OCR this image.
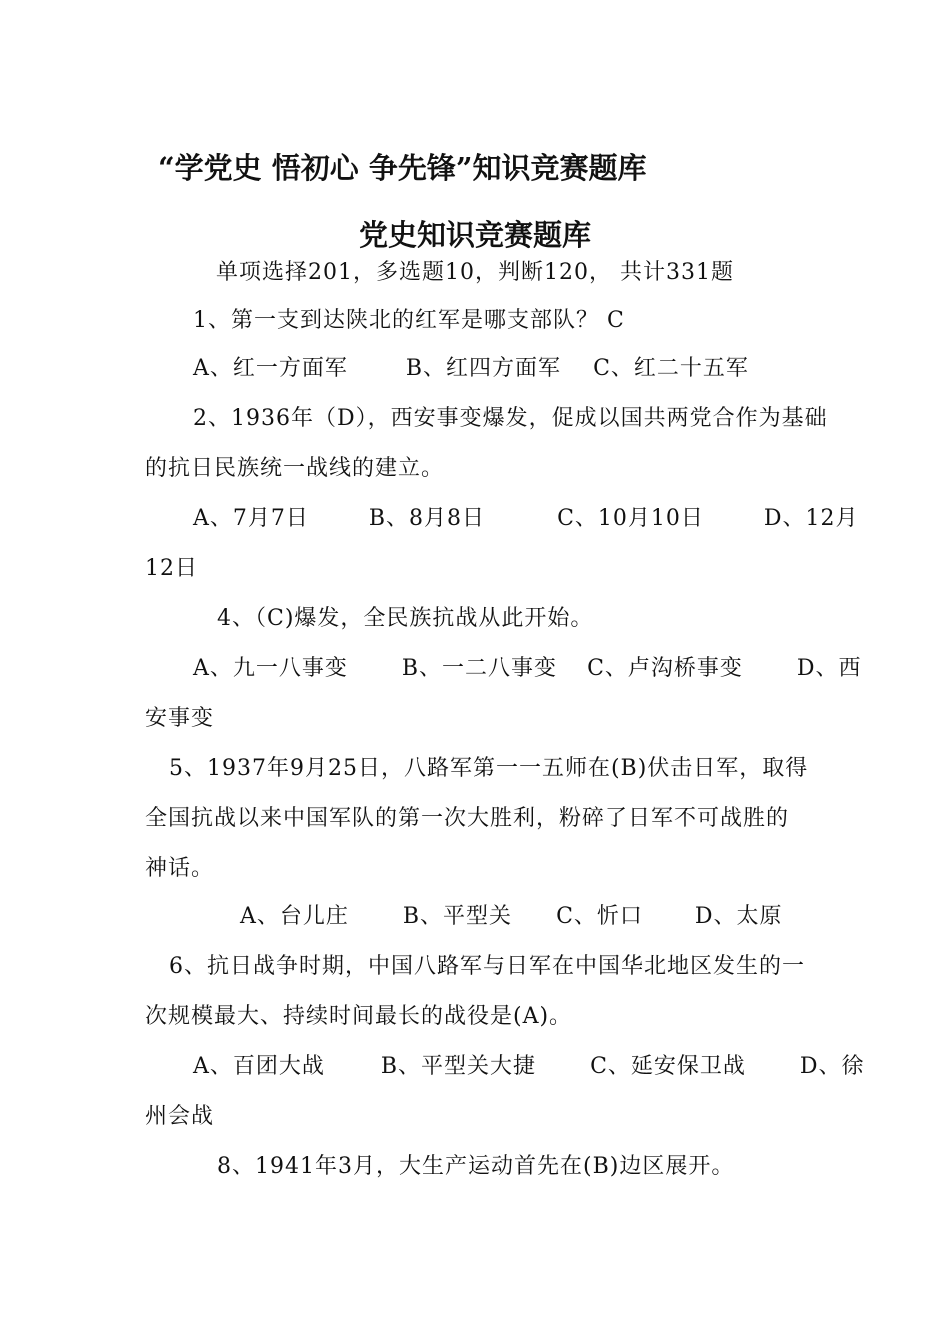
“学党史 悟初心 争先锋”知识竞赛题库
党史知识竞赛题库
单项选择201，多选题10，判断120， 共计331题
1、第一支到达陕北的红军是哪支部队？ C
A、红一方面军	B、红四方面军 C、红二十五军
2、1936年（D），西安事变爆发，促成以国共两党合作为基础
的抗日民族统一战线的建立。
A、7月7日	B、8月8日	C、10月10日	D、12月
12日
4、（C)爆发，全民族抗战从此开始。
A、九一八事变 B、一二八事变 C、卢沟桥事变 D、西
安事变
5、1937年9月25日，八路军第一一五师在(B)伏击日军，取得
全国抗战以来中国军队的第一次大胜利，粉碎了日军不可战胜的
神话。
A、台儿庄 B、平型关 C、忻口 D、太原
6、抗日战争时期，中国八路军与日军在中国华北地区发生的一
次规模最大、持续时间最长的战役是(A)。
A、百团大战	B、平型关大捷 C、延安保卫战 D、徐
州会战
8、1941年3月，大生产运动首先在(B)边区展开。
